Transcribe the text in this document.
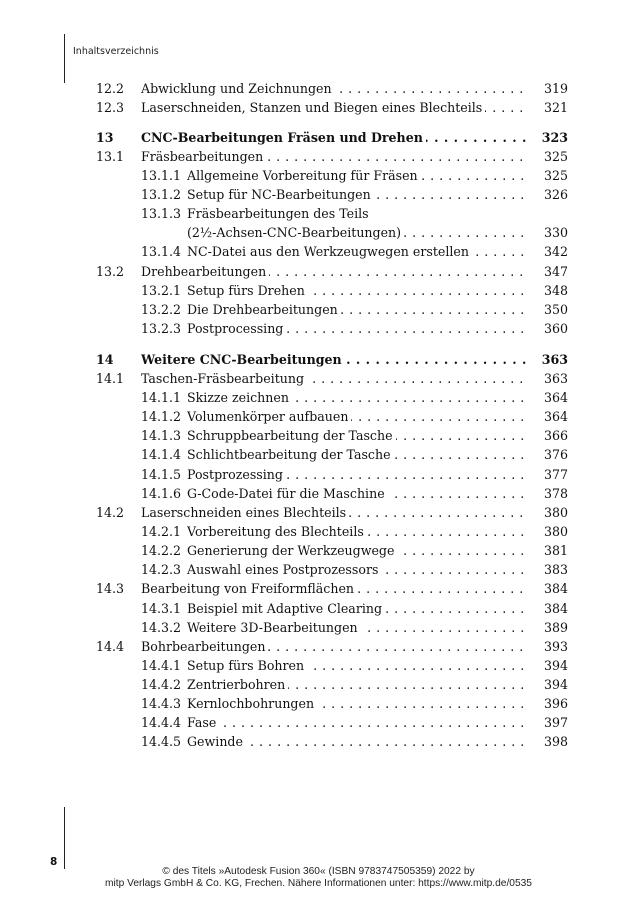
Inhaltsverzeichnis
12.2 Abwicklung und Zeichnungen . . .	319
12.3 Laserschneiden, Stanzen und Biegen eines Blechteils . . .	321
13 CNC-Bearbeitungen Fräsen und Drehen . . .	323
13.1 Fräsbearbeitungen . . .	325
13.1.1 Allgemeine Vorbereitung für Fräsen . . .	325
13.1.2 Setup für NC-Bearbeitungen . . .	326
13.1.3 Fräsbearbeitungen des Teils
(2½-Achsen-CNC-Bearbeitungen) . . .	330
13.1.4 NC-Datei aus den Werkzeugwegen erstellen . . .	342
13.2 Drehbearbeitungen . . .	347
13.2.1 Setup fürs Drehen . . .	348
13.2.2 Die Drehbearbeitungen . . .	350
13.2.3 Postprocessing . . .	360
14 Weitere CNC-Bearbeitungen . . .	363
14.1 Taschen-Fräsbearbeitung . . .	363
14.1.1 Skizze zeichnen . . .	364
14.1.2 Volumenkörper aufbauen . . .	364
14.1.3 Schruppbearbeitung der Tasche . . .	366
14.1.4 Schlichtbearbeitung der Tasche . . .	376
14.1.5 Postprozessing . . .	377
14.1.6 G-Code-Datei für die Maschine . . .	378
14.2 Laserschneiden eines Blechteils . . .	380
14.2.1 Vorbereitung des Blechteils . . .	380
14.2.2 Generierung der Werkzeugwege . . .	381
14.2.3 Auswahl eines Postprozessors . . .	383
14.3 Bearbeitung von Freiformflächen . . .	384
14.3.1 Beispiel mit Adaptive Clearing . . .	384
14.3.2 Weitere 3D-Bearbeitungen . . .	389
14.4 Bohrbearbeitungen . . .	393
14.4.1 Setup fürs Bohren . . .	394
14.4.2 Zentrierbohren . . .	394
14.4.3 Kernlochbohrungen . . .	396
14.4.4 Fase . . .	397
14.4.5 Gewinde . . .	398
8
© des Titels »Autodesk Fusion 360« (ISBN 9783747505359) 2022 by
mitp Verlags GmbH & Co. KG, Frechen. Nähere Informationen unter: https://www.mitp.de/0535
